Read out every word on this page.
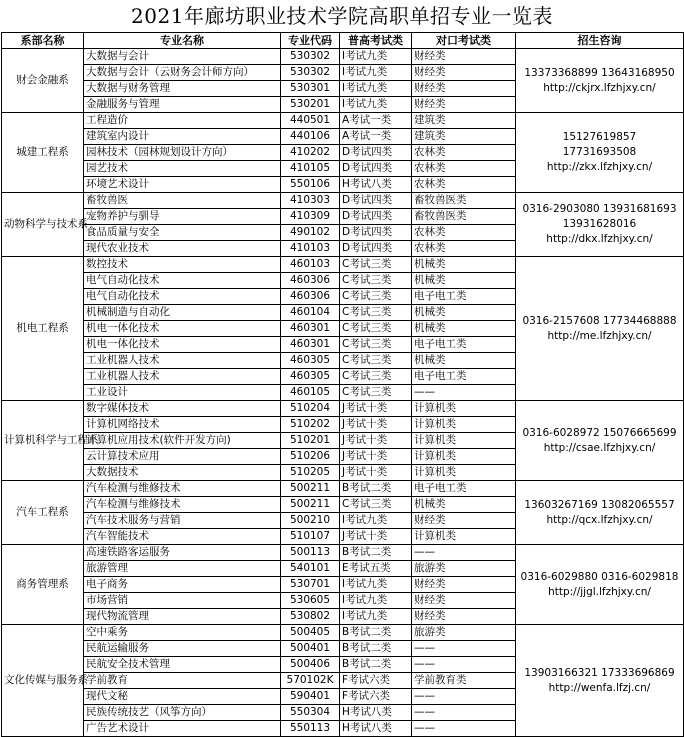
2021年廊坊职业技术学院高职单招专业一览表
系部名称	专业名称	专业代码	普高考试类	对口考试类	招生咨询
财会金融系	大数据与会计	530302	I考试九类	财经类	13373368899 13643168950
http://ckjrx.lfzhjxy.cn/

	大数据与会计（云财务会计师方向）	530302	I考试九类	财经类	
	大数据与财务管理	530301	I考试九类	财经类	
	金融服务与管理	530201	I考试九类	财经类	
城建工程系	工程造价	440501	A考试一类	建筑类	15127619857
17731693508
http://zkx.lfzhjxy.cn/

	建筑室内设计	440106	A考试一类	建筑类	
	园林技术（园林规划设计方向）	410202	D考试四类	农林类	
	园艺技术	410105	D考试四类	农林类	
	环境艺术设计	550106	H考试八类	农林类	
动物科学与技术系	畜牧兽医	410303	D考试四类	畜牧兽医类	0316-2903080 13931681693
13931628016
http://dkx.lfzhjxy.cn/

	宠物养护与驯导	410309	D考试四类	畜牧兽医类	
	食品质量与安全	490102	D考试四类	农林类	
	现代农业技术	410103	D考试四类	农林类	
机电工程系	数控技术	460103	C考试三类	机械类	0316-2157608 17734468888
http://me.lfzhjxy.cn/

	电气自动化技术	460306	C考试三类	机械类	
	电气自动化技术	460306	C考试三类	电子电工类	
	机械制造与自动化	460104	C考试三类	机械类	
	机电一体化技术	460301	C考试三类	机械类	
	机电一体化技术	460301	C考试三类	电子电工类	
	工业机器人技术	460305	C考试三类	机械类	
	工业机器人技术	460305	C考试三类	电子电工类	
	工业设计	460105	C考试三类	——	
计算机科学与工程系	数字媒体技术	510204	J考试十类	计算机类	0316-6028972 15076665699
http://csae.lfzhjxy.cn/

	计算机网络技术	510202	J考试十类	计算机类	
	计算机应用技术(软件开发方向)	510201	J考试十类	计算机类	
	云计算技术应用	510206	J考试十类	计算机类	
	大数据技术	510205	J考试十类	计算机类	
汽车工程系	汽车检测与维修技术	500211	B考试二类	电子电工类	13603267169 13082065557
http://qcx.lfzhjxy.cn/

	汽车检测与维修技术	500211	C考试三类	机械类	
	汽车技术服务与营销	500210	I考试九类	财经类	
	汽车智能技术	510107	J考试十类	计算机类	
商务管理系	高速铁路客运服务	500113	B考试二类	——	0316-6029880 0316-6029818
http://jjgl.lfzhjxy.cn/

	旅游管理	540101	E考试五类	旅游类	
	电子商务	530701	I考试九类	财经类	
	市场营销	530605	I考试九类	财经类	
	现代物流管理	530802	I考试九类	财经类	
文化传媒与服务系	空中乘务	500405	B考试二类	旅游类	13903166321 17333696869
http://wenfa.lfzj.cn/

	民航运输服务	500401	B考试二类	——	
	民航安全技术管理	500406	B考试二类	——	
	学前教育	570102K	F考试六类	学前教育类	
	现代文秘	590401	F考试六类	——	
	民族传统技艺（风筝方向）	550304	H考试八类	——	
	广告艺术设计	550113	H考试八类	——	
